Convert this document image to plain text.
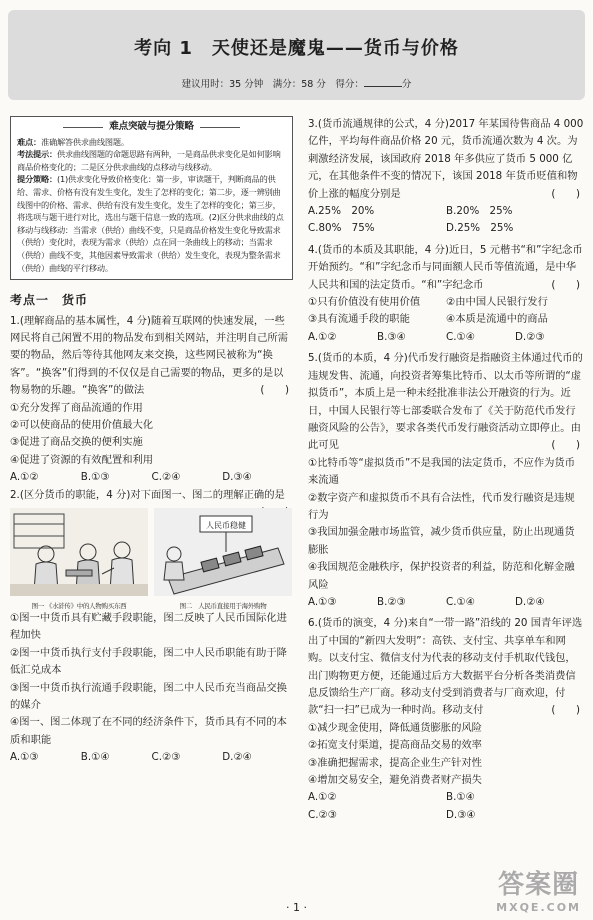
考向 1　天使还是魔鬼——货币与价格
建议用时：35 分钟　满分：58 分　得分：	分
难点突破与提分策略
难点：准确解答供求曲线图题。
考法提示：供求曲线图题的命题思路有两种，一是商品供求变化是如何影响商品价格变化的；二是区分供求曲线的点移动与线移动。
提分策略：(1)供求变化导致价格变化：第一步，审读题干，判断商品的供给、需求、价格有没有发生变化，发生了怎样的变化；第二步，逐一辨别曲线图中的价格、需求、供给有没有发生变化，发生了怎样的变化；第三步，将选项与题干进行对比，选出与题干信息一致的选项。(2)区分供求曲线的点移动与线移动：当需求（供给）曲线不变，只是商品价格发生变化导致需求（供给）变化时，表现为需求（供给）点在同一条曲线上的移动；当需求（供给）曲线不变，其他因素导致需求（供给）发生变化，表现为整条需求（供给）曲线的平行移动。
考点一　货币

1.(理解商品的基本属性，4 分)随着互联网的快速发展，一些网民将自己闲置不用的物品发布到相关网站，并注明自己所需要的物品，然后等待其他网友来交换，这些网民被称为“换客”。“换客”们得到的不仅仅是自己需要的物品，更多的是以物易物的乐趣。“换客”的做法	(　　)

①充分发挥了商品流通的作用

②可以使商品的使用价值最大化

③促进了商品交换的便利实施

④促进了资源的有效配置和利用

A.①②	B.①③	C.②④	D.③④

2.(区分货币的职能，4 分)对下面图一、图二的理解正确的是

图一 《水浒传》中的人物购买东西
人民币稳健
图二　人民币直接用于海外购物

①图一中货币具有贮藏手段职能，图二反映了人民币国际化进程加快

②图一中货币执行支付手段职能，图二中人民币职能有助于降低汇兑成本

③图一中货币执行流通手段职能，图二中人民币充当商品交换的媒介

④图一、图二体现了在不同的经济条件下，货币具有不同的本质和职能

A.①③	B.①④	C.②③	D.②④

3.(货币流通规律的公式，4 分)2017 年某国待售商品 4 000 亿件，平均每件商品价格 20 元，货币流通次数为 4 次。为刺激经济发展，该国政府 2018 年多供应了货币 5 000 亿元，在其他条件不变的情况下，该国 2018 年货币贬值和物价上涨的幅度分别是	(　　)

A.25%　20%	B.20%　25%
C.80%　75%	D.25%　25%

4.(货币的本质及其职能，4 分)近日，5 元楷书“和”字纪念币开始预约。“和”字纪念币与同面额人民币等值流通，是中华人民共和国的法定货币。“和”字纪念币	(　　)

①只有价值没有使用价值	②由中国人民银行发行
③具有流通手段的职能	④本质是流通中的商品
A.①②	B.③④	C.①④	D.②③

5.(货币的本质，4 分)代币发行融资是指融资主体通过代币的违规发售、流通，向投资者筹集比特币、以太币等所谓的“虚拟货币”，本质上是一种未经批准非法公开融资的行为。近日，中国人民银行等七部委联合发布了《关于防范代币发行融资风险的公告》，要求各类代币发行融资活动立即停止。由此可见	(　　)

①比特币等“虚拟货币”不是我国的法定货币，不应作为货币来流通

②数字资产和虚拟货币不具有合法性，代币发行融资是违规行为

③我国加强金融市场监管，减少货币供应量，防止出现通货膨胀

④我国规范金融秩序，保护投资者的利益，防范和化解金融风险

A.①③	B.②③	C.①④	D.②④

6.(货币的演变，4 分)来自“一带一路”沿线的 20 国青年评选出了中国的“新四大发明”：高铁、支付宝、共享单车和网购。以支付宝、微信支付为代表的移动支付手机取代钱包，出门购物更方便，还能通过后方大数据平台分析各类消费信息反馈给生产厂商。移动支付受到消费者与厂商欢迎，付款“扫一扫”已成为一种时尚。移动支付	(　　)

①减少现金使用，降低通货膨胀的风险

②拓宽支付渠道，提高商品交易的效率

③准确把握需求，提高企业生产针对性

④增加交易安全，避免消费者财产损失

A.①②	B.①④
C.②③	D.③④
· 1 ·
答案圈
MXQE.COM
